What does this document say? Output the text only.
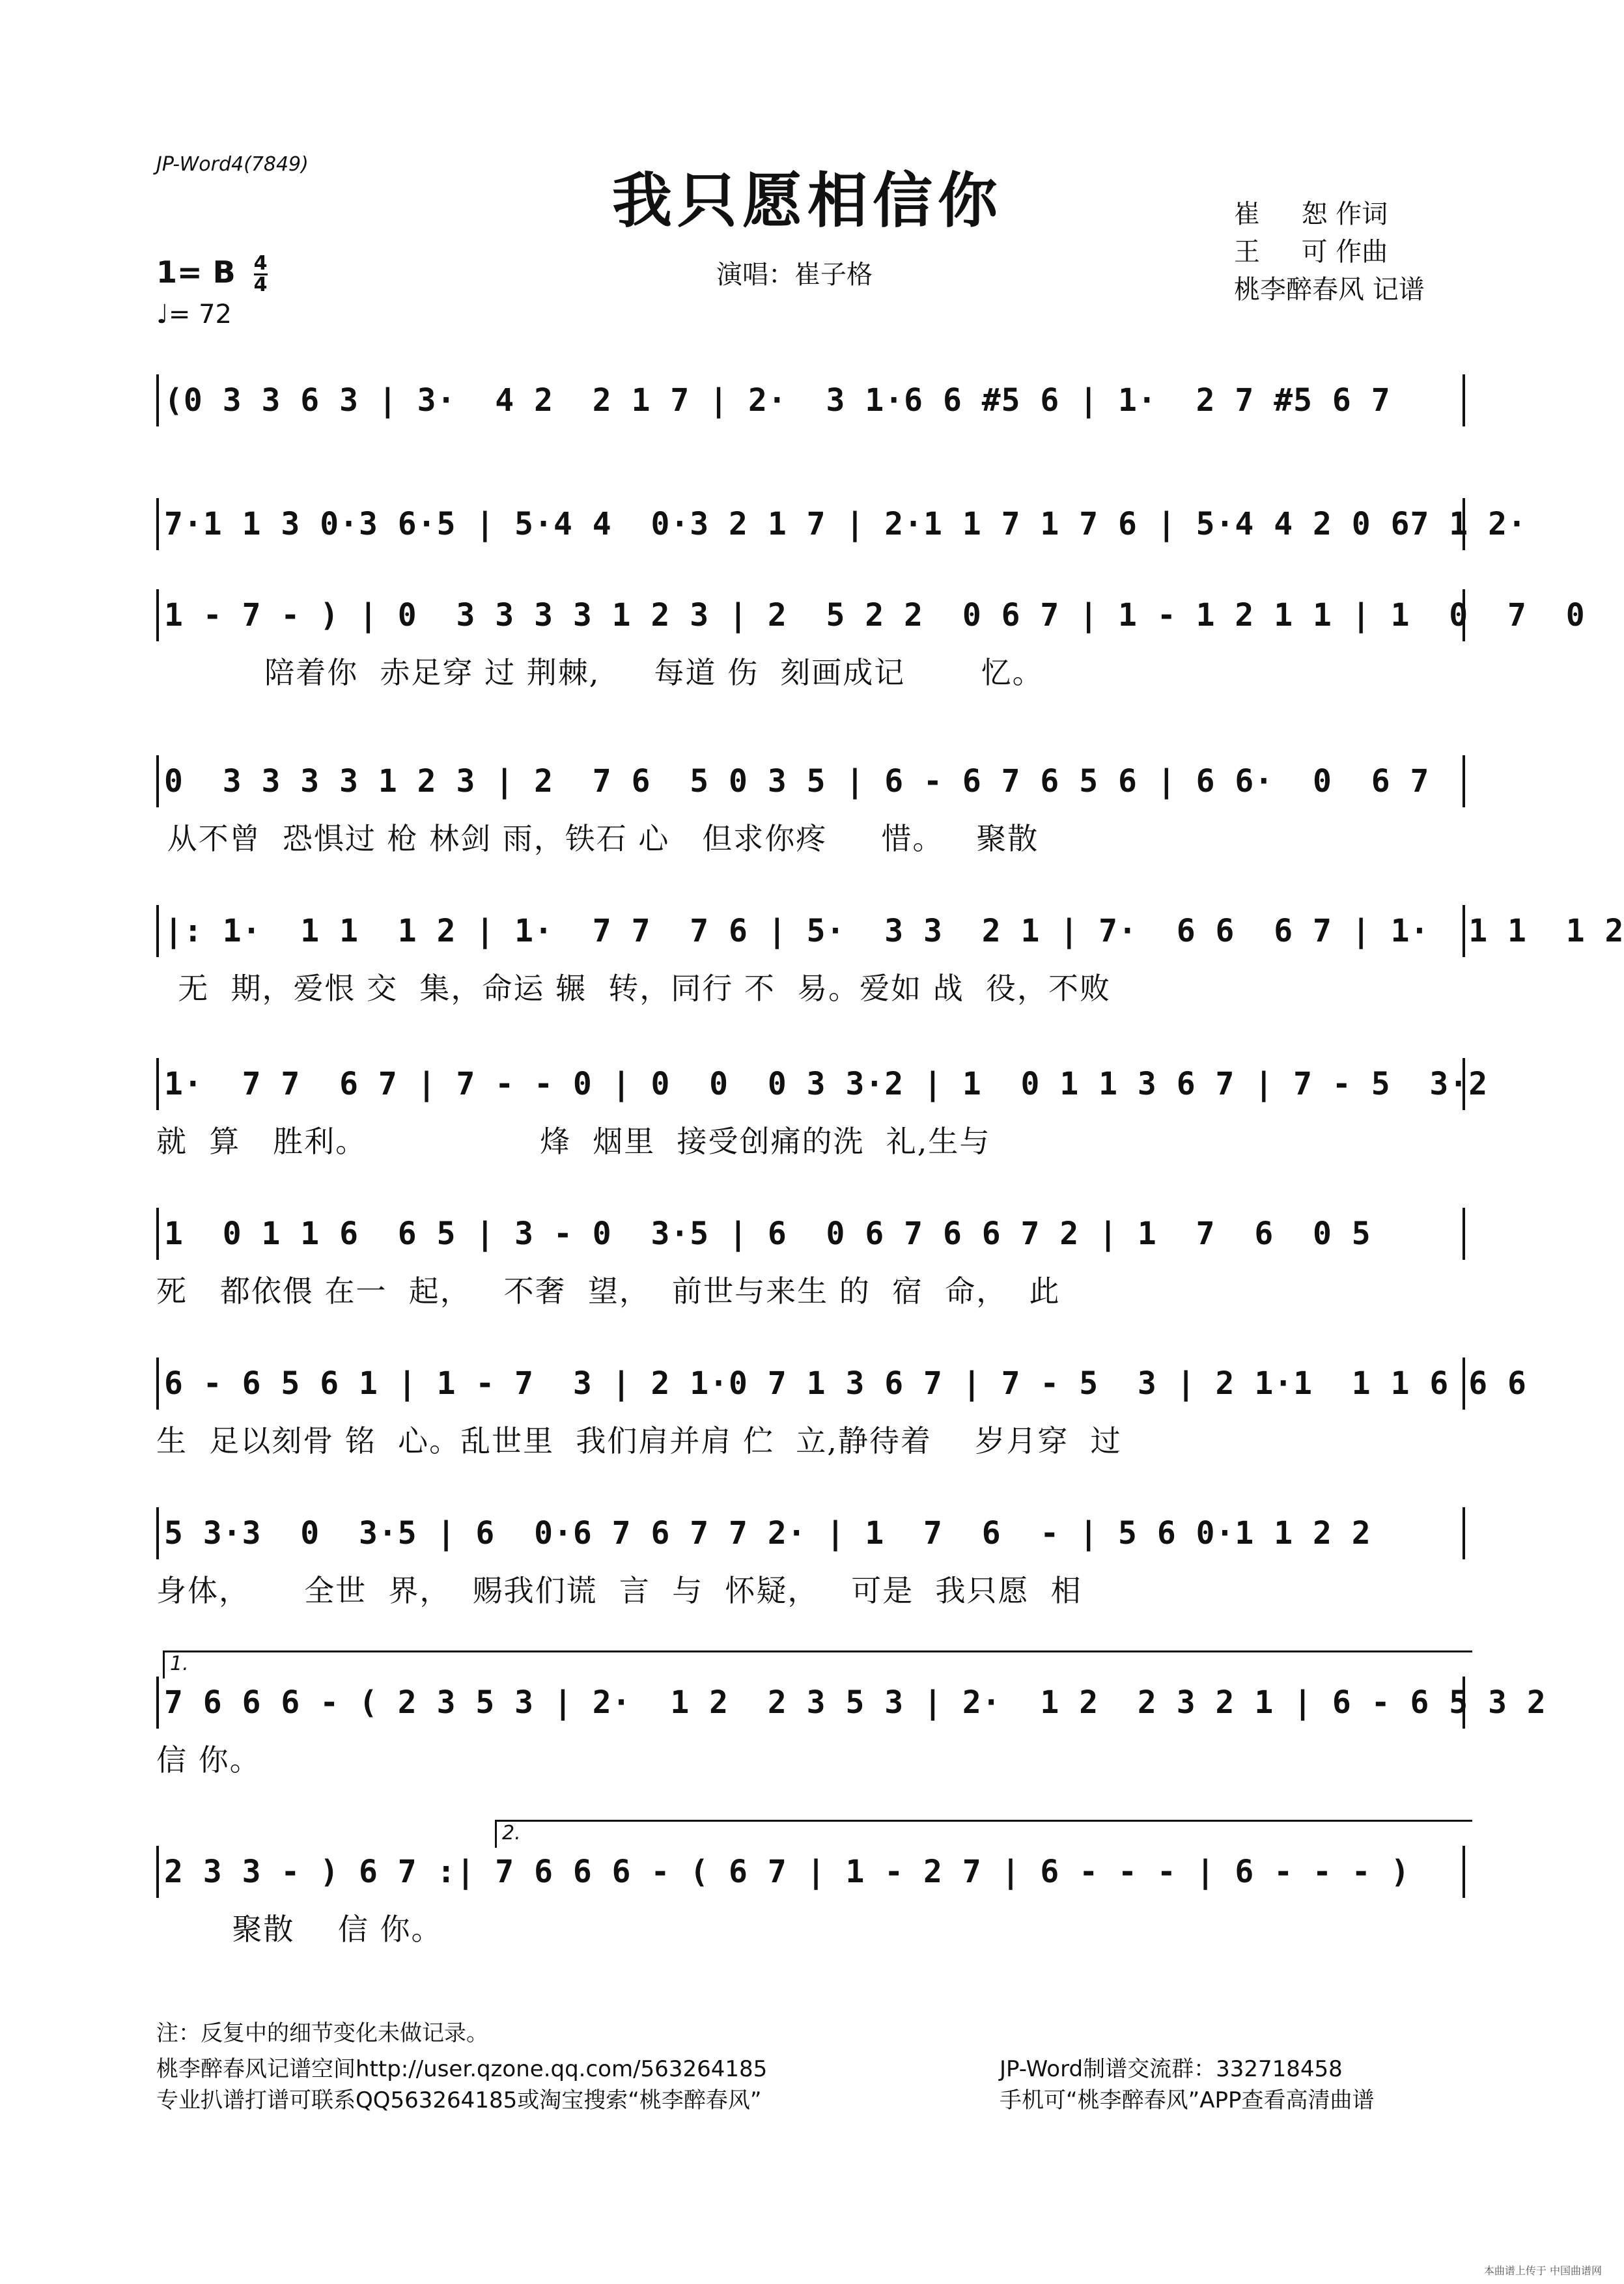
JP-Word4(7849)
我只愿相信你	崔     恕 作词
王     可 作曲
桃李醉春风 记谱
演唱：崔子格
1= B $\frac{4}{4}$
♩= 72
(0 3 3 6 3 | 3·  4 2  2 1 7 | 2·  3 1·6 6 #5 6 | 1·  2 7 #5 6 7
7·1 1 3 0·3 6·5 | 5·4 4  0·3 2 1 7 | 2·1 1 7 1 7 6 | 5·4 4 2 0 67 1 2·
1 - 7 - ) | 0  3 3 3 3 1 2 3 | 2  5 2 2  0 6 7 | 1 - 1 2 1 1 | 1  0  7  0
陪着你  赤足穿 过 荆棘,     每道 伤  刻画成记       忆。
0  3 3 3 3 1 2 3 | 2  7 6  5 0 3 5 | 6 - 6 7 6 5 6 | 6 6·  0  6 7
从不曾  恐惧过 枪 林剑 雨，铁石 心   但求你疼     惜。   聚散
|: 1·  1 1  1 2 | 1·  7 7  7 6 | 5·  3 3  2 1 | 7·  6 6  6 7 | 1·  1 1  1 2
无  期，爱恨 交  集，命运 辗  转，同行 不  易。爱如 战  役，不败
1·  7 7  6 7 | 7 - - 0 | 0  0  0 3 3·2 | 1  0 1 1 3 6 7 | 7 - 5  3·2
就  算   胜利。                烽  烟里  接受创痛的洗  礼,生与
1  0 1 1 6  6 5 | 3 - 0  3·5 | 6  0 6 7 6 6 7 2 | 1  7  6  0 5
死   都依偎 在一  起，   不奢  望，  前世与来生 的  宿  命，  此
6 - 6 5 6 1 | 1 - 7  3 | 2 1·0 7 1 3 6 7 | 7 - 5  3 | 2 1·1  1 1 6 6 6
生  足以刻骨 铭  心。乱世里  我们肩并肩 伫  立,静待着    岁月穿  过
5 3·3  0  3·5 | 6  0·6 7 6 7 7 2· | 1  7  6  - | 5 6 0·1 1 2 2
身体，     全世  界，  赐我们谎  言  与  怀疑，   可是  我只愿  相
1.
7 6 6 6 - ( 2 3 5 3 | 2·  1 2  2 3 5 3 | 2·  1 2  2 3 2 1 | 6 - 6 5 3 2
信 你。
2.
2 3 3 - ) 6 7 :| 7 6 6 6 - ( 6 7 | 1 - 2 7 | 6 - - - | 6 - - - )
聚散    信 你。
注：反复中的细节变化未做记录。
桃李醉春风记谱空间http://user.qzone.qq.com/563264185
专业扒谱打谱可联系QQ563264185或淘宝搜索“桃李醉春风”
JP-Word制谱交流群：332718458
手机可“桃李醉春风”APP查看高清曲谱
本曲谱上传于 中国曲谱网
